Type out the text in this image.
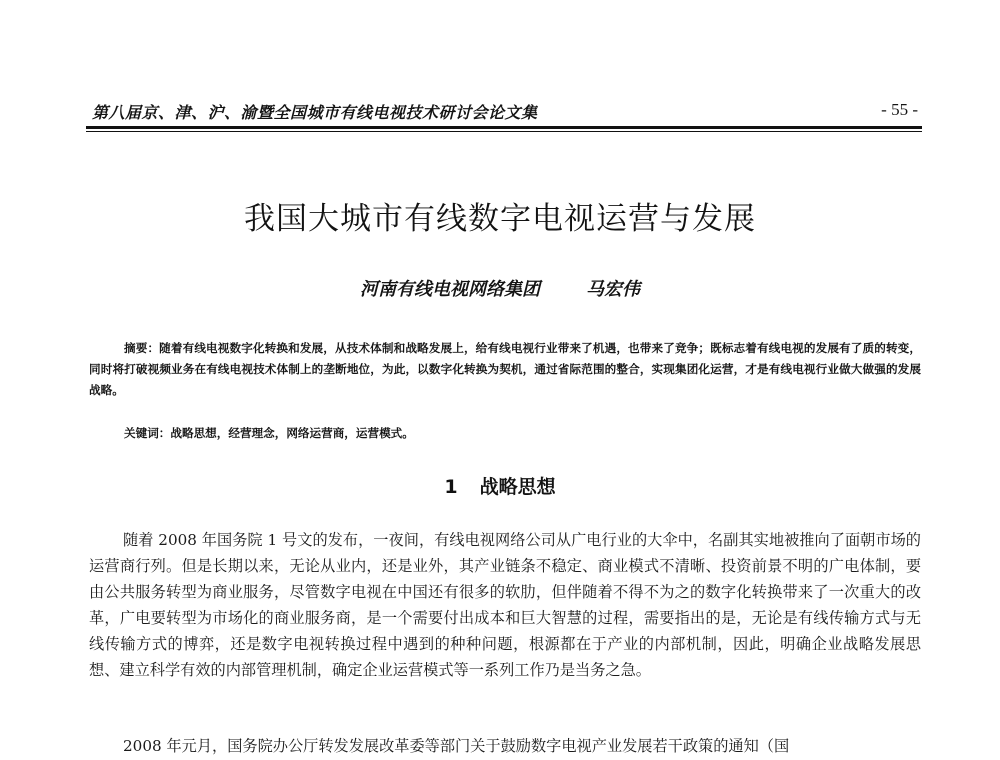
第八届京、津、沪、渝暨全国城市有线电视技术研讨会论文集	- 55 -
我国大城市有线数字电视运营与发展
河南有线电视网络集团	马宏伟

摘要：随着有线电视数字化转换和发展，从技术体制和战略发展上，给有线电视行业带来了机遇，也带来了竞争；既标志着有线电视的发展有了质的转变，同时将打破视频业务在有线电视技术体制上的垄断地位，为此，以数字化转换为契机，通过省际范围的整合，实现集团化运营，才是有线电视行业做大做强的发展战略。

关键词：战略思想，经营理念，网络运营商，运营模式。

1 战略思想

随着 2008 年国务院 1 号文的发布，一夜间，有线电视网络公司从广电行业的大伞中，名副其实地被推向了面朝市场的运营商行列。但是长期以来，无论从业内，还是业外，其产业链条不稳定、商业模式不清晰、投资前景不明的广电体制，要由公共服务转型为商业服务，尽管数字电视在中国还有很多的软肋，但伴随着不得不为之的数字化转换带来了一次重大的改革，广电要转型为市场化的商业服务商，是一个需要付出成本和巨大智慧的过程，需要指出的是，无论是有线传输方式与无线传输方式的博弈，还是数字电视转换过程中遇到的种种问题，根源都在于产业的内部机制，因此，明确企业战略发展思想、建立科学有效的内部管理机制，确定企业运营模式等一系列工作乃是当务之急。

2008 年元月，国务院办公厅转发发展改革委等部门关于鼓励数字电视产业发展若干政策的通知（国
